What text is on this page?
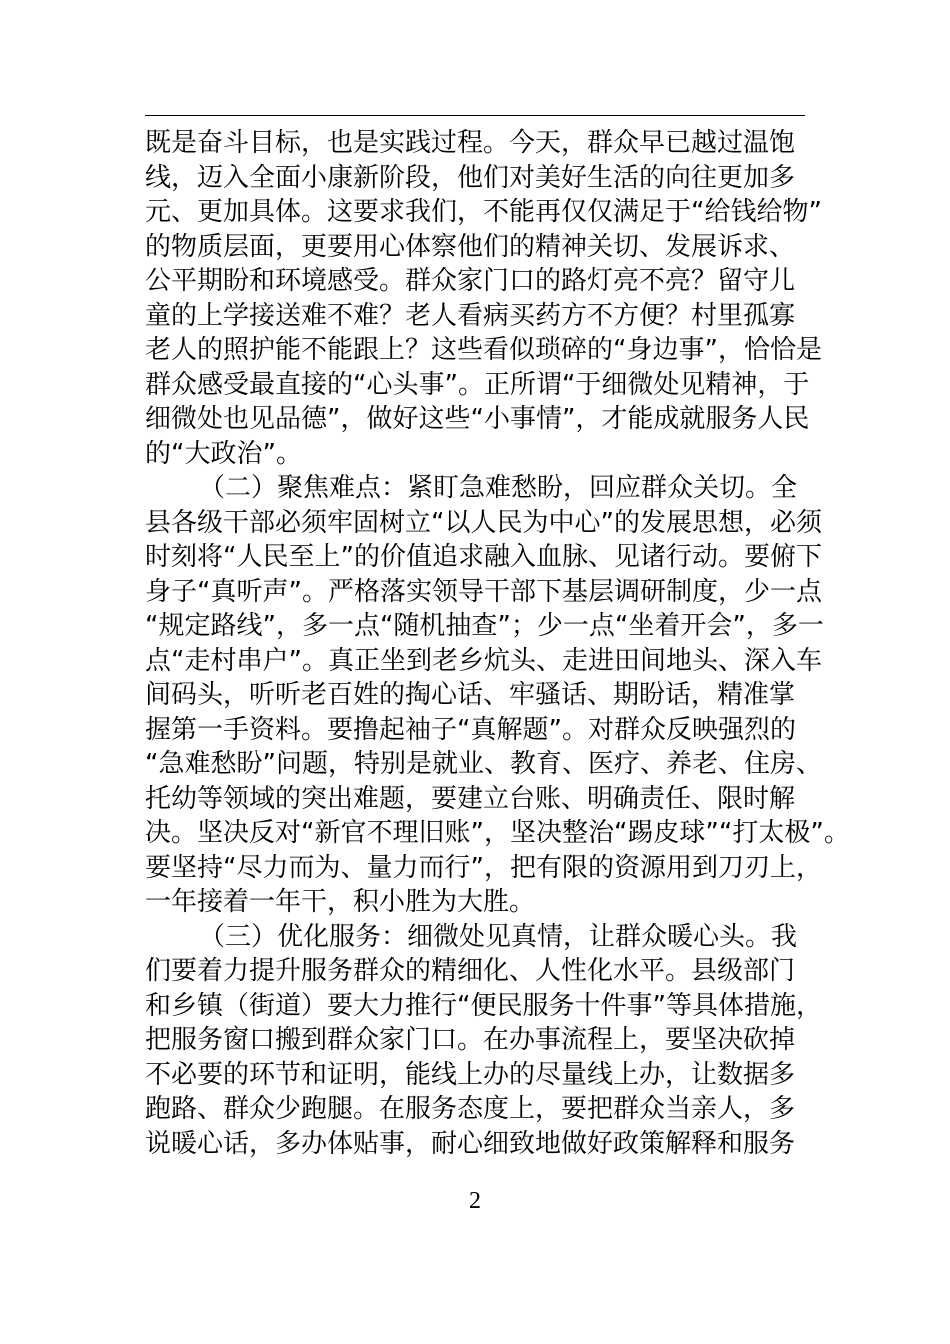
既是奋斗目标，也是实践过程。今天，群众早已越过温饱
线，迈入全面小康新阶段，他们对美好生活的向往更加多
元、更加具体。这要求我们，不能再仅仅满足于“给钱给物”
的物质层面，更要用心体察他们的精神关切、发展诉求、
公平期盼和环境感受。群众家门口的路灯亮不亮？留守儿
童的上学接送难不难？老人看病买药方不方便？村里孤寡
老人的照护能不能跟上？这些看似琐碎的“身边事”，恰恰是
群众感受最直接的“心头事”。正所谓“于细微处见精神，于
细微处也见品德”，做好这些“小事情”，才能成就服务人民
的“大政治”。
（二）聚焦难点：紧盯急难愁盼，回应群众关切。全
县各级干部必须牢固树立“以人民为中心”的发展思想，必须
时刻将“人民至上”的价值追求融入血脉、见诸行动。要俯下
身子“真听声”。严格落实领导干部下基层调研制度，少一点
“规定路线”，多一点“随机抽查”；少一点“坐着开会”，多一
点“走村串户”。真正坐到老乡炕头、走进田间地头、深入车
间码头，听听老百姓的掏心话、牢骚话、期盼话，精准掌
握第一手资料。要撸起袖子“真解题”。对群众反映强烈的
“急难愁盼”问题，特别是就业、教育、医疗、养老、住房、
托幼等领域的突出难题，要建立台账、明确责任、限时解
决。坚决反对“新官不理旧账”，坚决整治“踢皮球”“打太极”。
要坚持“尽力而为、量力而行”，把有限的资源用到刀刃上，
一年接着一年干，积小胜为大胜。
（三）优化服务：细微处见真情，让群众暖心头。我
们要着力提升服务群众的精细化、人性化水平。县级部门
和乡镇（街道）要大力推行“便民服务十件事”等具体措施，
把服务窗口搬到群众家门口。在办事流程上，要坚决砍掉
不必要的环节和证明，能线上办的尽量线上办，让数据多
跑路、群众少跑腿。在服务态度上，要把群众当亲人，多
说暖心话，多办体贴事，耐心细致地做好政策解释和服务
2
